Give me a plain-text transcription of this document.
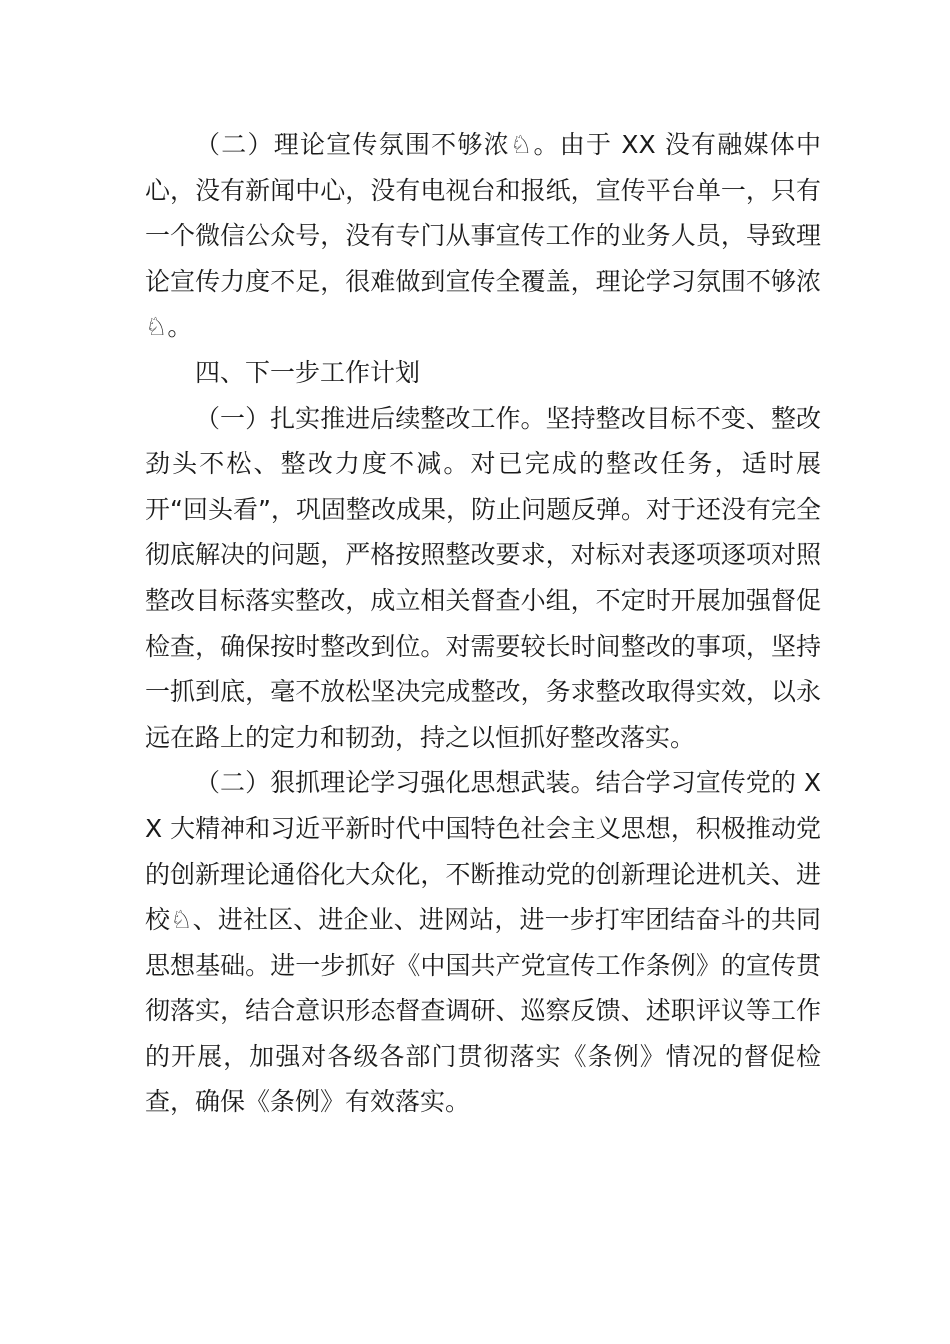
（二）理论宣传氛围不够浓♘。由于 XX 没有融媒体中心，没有新闻中心，没有电视台和报纸，宣传平台单一，只有一个微信公众号，没有专门从事宣传工作的业务人员，导致理论宣传力度不足，很难做到宣传全覆盖，理论学习氛围不够浓♘。

四、下一步工作计划

（一）扎实推进后续整改工作。坚持整改目标不变、整改劲头不松、整改力度不减。对已完成的整改任务，适时展开“回头看”，巩固整改成果，防止问题反弹。对于还没有完全彻底解决的问题，严格按照整改要求，对标对表逐项逐项对照整改目标落实整改，成立相关督查小组，不定时开展加强督促检查，确保按时整改到位。对需要较长时间整改的事项，坚持一抓到底，毫不放松坚决完成整改，务求整改取得实效，以永远在路上的定力和韧劲，持之以恒抓好整改落实。

（二）狠抓理论学习强化思想武装。结合学习宣传党的 XX 大精神和习近平新时代中国特色社会主义思想，积极推动党的创新理论通俗化大众化，不断推动党的创新理论进机关、进校♘、进社区、进企业、进网站，进一步打牢团结奋斗的共同思想基础。进一步抓好《中国共产党宣传工作条例》的宣传贯彻落实，结合意识形态督查调研、巡察反馈、述职评议等工作的开展，加强对各级各部门贯彻落实《条例》情况的督促检查，确保《条例》有效落实。
